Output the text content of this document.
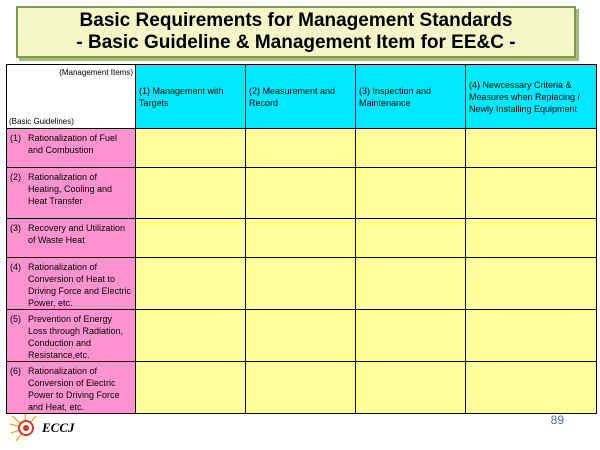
Basic Requirements for Management Standards
- Basic Guideline & Management Item for EE&C -
(Management Items)
(Basic Guidelines)	(1) Management with Targets	(2) Measurement and Record	(3) Inspection and Maintenance	(4) Newcessary Criteria & Measures when Replacing / Newly Installing Equipment

(1) Rationalization of Fuel and Combustion				

(2) Rationalization of Heating, Cooling and Heat Transfer				

(3) Recovery and Utilization of Waste Heat				

(4) Rationalization of Conversion of Heat to Driving Force and Electric Power, etc.				

(5) Prevention of Energy Loss through Radiation, Conduction and Resistance,etc.				

(6) Rationalization of Conversion of Electric Power to Driving Force and Heat, etc.				

ECCJ	89
